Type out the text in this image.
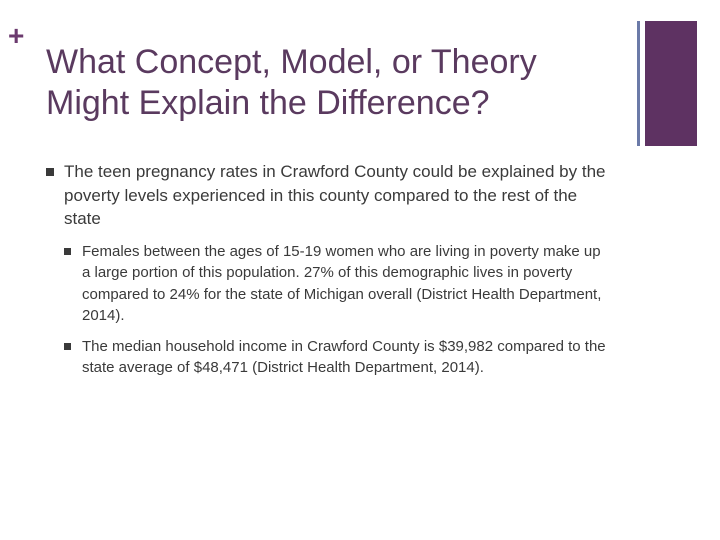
+
What Concept, Model, or Theory Might Explain the Difference?
The teen pregnancy rates in Crawford County could be explained by the poverty levels experienced in this county compared to the rest of the state
Females between the ages of 15-19 women who are living in poverty make up a large portion of this population. 27% of this demographic lives in poverty compared to 24% for the state of Michigan overall (District Health Department, 2014).
The median household income in Crawford County is $39,982 compared to the state average of $48,471 (District Health Department, 2014).
